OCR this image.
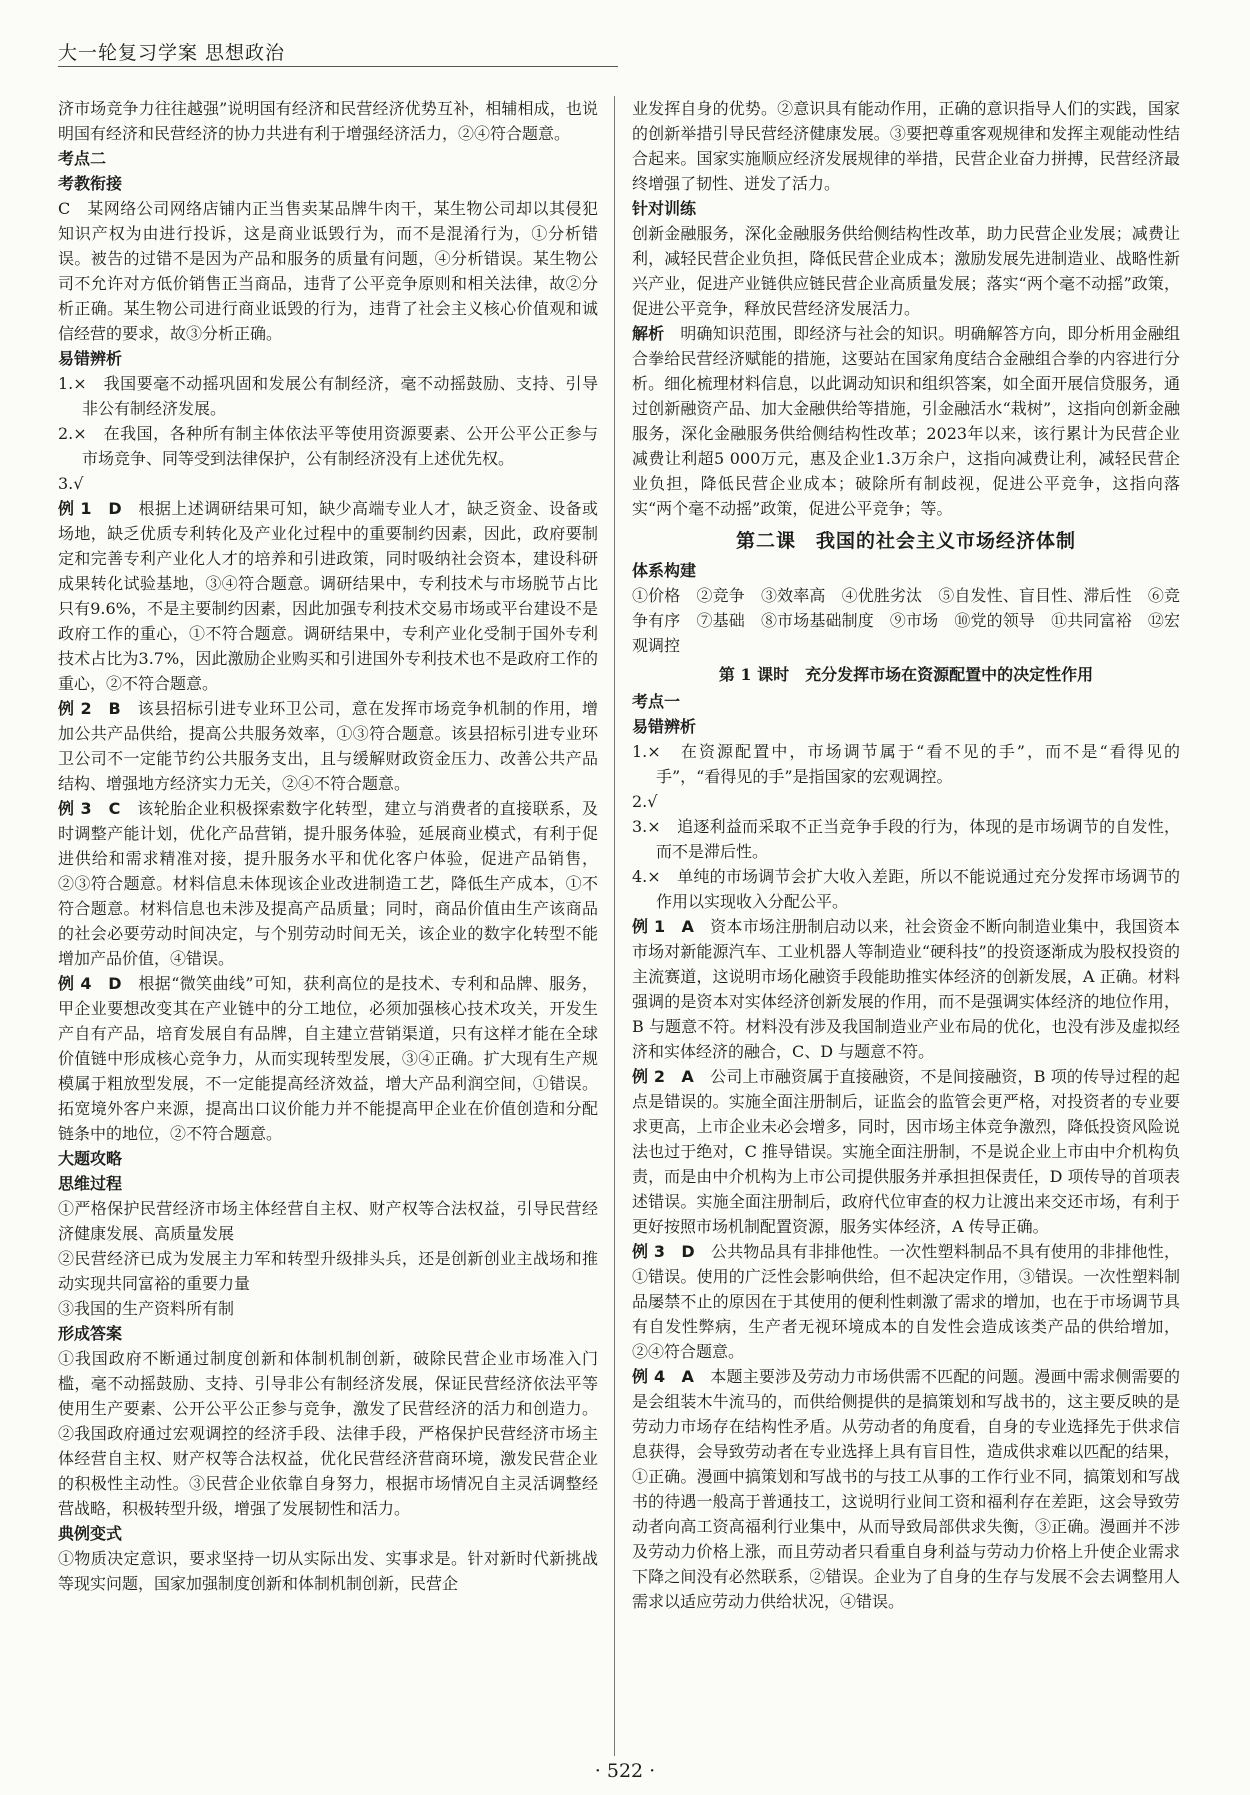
大一轮复习学案 思想政治

济市场竞争力往往越强”说明国有经济和民营经济优势互补，相辅相成，也说明国有经济和民营经济的协力共进有利于增强经济活力，②④符合题意。

考点二

考教衔接

C　某网络公司网络店铺内正当售卖某品牌牛肉干，某生物公司却以其侵犯知识产权为由进行投诉，这是商业诋毁行为，而不是混淆行为，①分析错误。被告的过错不是因为产品和服务的质量有问题，④分析错误。某生物公司不允许对方低价销售正当商品，违背了公平竞争原则和相关法律，故②分析正确。某生物公司进行商业诋毁的行为，违背了社会主义核心价值观和诚信经营的要求，故③分析正确。

易错辨析

1.×　我国要毫不动摇巩固和发展公有制经济，毫不动摇鼓励、支持、引导非公有制经济发展。

2.×　在我国，各种所有制主体依法平等使用资源要素、公开公平公正参与市场竞争、同等受到法律保护，公有制经济没有上述优先权。

3.√

例 1　D　根据上述调研结果可知，缺少高端专业人才，缺乏资金、设备或场地，缺乏优质专利转化及产业化过程中的重要制约因素，因此，政府要制定和完善专利产业化人才的培养和引进政策，同时吸纳社会资本，建设科研成果转化试验基地，③④符合题意。调研结果中，专利技术与市场脱节占比只有9.6%，不是主要制约因素，因此加强专利技术交易市场或平台建设不是政府工作的重心，①不符合题意。调研结果中，专利产业化受制于国外专利技术占比为3.7%，因此激励企业购买和引进国外专利技术也不是政府工作的重心，②不符合题意。

例 2　B　该县招标引进专业环卫公司，意在发挥市场竞争机制的作用，增加公共产品供给，提高公共服务效率，①③符合题意。该县招标引进专业环卫公司不一定能节约公共服务支出，且与缓解财政资金压力、改善公共产品结构、增强地方经济实力无关，②④不符合题意。

例 3　C　该轮胎企业积极探索数字化转型，建立与消费者的直接联系，及时调整产能计划，优化产品营销，提升服务体验，延展商业模式，有利于促进供给和需求精准对接，提升服务水平和优化客户体验，促进产品销售，②③符合题意。材料信息未体现该企业改进制造工艺，降低生产成本，①不符合题意。材料信息也未涉及提高产品质量；同时，商品价值由生产该商品的社会必要劳动时间决定，与个别劳动时间无关，该企业的数字化转型不能增加产品价值，④错误。

例 4　D　根据“微笑曲线”可知，获利高位的是技术、专利和品牌、服务，甲企业要想改变其在产业链中的分工地位，必须加强核心技术攻关，开发生产自有产品，培育发展自有品牌，自主建立营销渠道，只有这样才能在全球价值链中形成核心竞争力，从而实现转型发展，③④正确。扩大现有生产规模属于粗放型发展，不一定能提高经济效益，增大产品利润空间，①错误。拓宽境外客户来源，提高出口议价能力并不能提高甲企业在价值创造和分配链条中的地位，②不符合题意。

大题攻略

思维过程

①严格保护民营经济市场主体经营自主权、财产权等合法权益，引导民营经济健康发展、高质量发展

②民营经济已成为发展主力军和转型升级排头兵，还是创新创业主战场和推动实现共同富裕的重要力量

③我国的生产资料所有制

形成答案

①我国政府不断通过制度创新和体制机制创新，破除民营企业市场准入门槛，毫不动摇鼓励、支持、引导非公有制经济发展，保证民营经济依法平等使用生产要素、公开公平公正参与竞争，激发了民营经济的活力和创造力。②我国政府通过宏观调控的经济手段、法律手段，严格保护民营经济市场主体经营自主权、财产权等合法权益，优化民营经济营商环境，激发民营企业的积极性主动性。③民营企业依靠自身努力，根据市场情况自主灵活调整经营战略，积极转型升级，增强了发展韧性和活力。

典例变式

①物质决定意识，要求坚持一切从实际出发、实事求是。针对新时代新挑战等现实问题，国家加强制度创新和体制机制创新，民营企

业发挥自身的优势。②意识具有能动作用，正确的意识指导人们的实践，国家的创新举措引导民营经济健康发展。③要把尊重客观规律和发挥主观能动性结合起来。国家实施顺应经济发展规律的举措，民营企业奋力拼搏，民营经济最终增强了韧性、迸发了活力。

针对训练

创新金融服务，深化金融服务供给侧结构性改革，助力民营企业发展；减费让利，减轻民营企业负担，降低民营企业成本；激励发展先进制造业、战略性新兴产业，促进产业链供应链民营企业高质量发展；落实“两个毫不动摇”政策，促进公平竞争，释放民营经济发展活力。

解析　明确知识范围，即经济与社会的知识。明确解答方向，即分析用金融组合拳给民营经济赋能的措施，这要站在国家角度结合金融组合拳的内容进行分析。细化梳理材料信息，以此调动知识和组织答案，如全面开展信贷服务，通过创新融资产品、加大金融供给等措施，引金融活水“栽树”，这指向创新金融服务，深化金融服务供给侧结构性改革；2023年以来，该行累计为民营企业减费让利超5 000万元，惠及企业1.3万余户，这指向减费让利，减轻民营企业负担，降低民营企业成本；破除所有制歧视，促进公平竞争，这指向落实“两个毫不动摇”政策，促进公平竞争；等。

第二课　我国的社会主义市场经济体制

体系构建

①价格　②竞争　③效率高　④优胜劣汰　⑤自发性、盲目性、滞后性　⑥竞争有序　⑦基础　⑧市场基础制度　⑨市场　⑩党的领导　⑪共同富裕　⑫宏观调控

第 1 课时　充分发挥市场在资源配置中的决定性作用

考点一

易错辨析

1.×　在资源配置中，市场调节属于“看不见的手”，而不是“看得见的手”，“看得见的手”是指国家的宏观调控。

2.√

3.×　追逐利益而采取不正当竞争手段的行为，体现的是市场调节的自发性，而不是滞后性。

4.×　单纯的市场调节会扩大收入差距，所以不能说通过充分发挥市场调节的作用以实现收入分配公平。

例 1　A　资本市场注册制启动以来，社会资金不断向制造业集中，我国资本市场对新能源汽车、工业机器人等制造业“硬科技”的投资逐渐成为股权投资的主流赛道，这说明市场化融资手段能助推实体经济的创新发展，A 正确。材料强调的是资本对实体经济创新发展的作用，而不是强调实体经济的地位作用，B 与题意不符。材料没有涉及我国制造业产业布局的优化，也没有涉及虚拟经济和实体经济的融合，C、D 与题意不符。

例 2　A　公司上市融资属于直接融资，不是间接融资，B 项的传导过程的起点是错误的。实施全面注册制后，证监会的监管会更严格，对投资者的专业要求更高，上市企业未必会增多，同时，因市场主体竞争激烈，降低投资风险说法也过于绝对，C 推导错误。实施全面注册制，不是说企业上市由中介机构负责，而是由中介机构为上市公司提供服务并承担担保责任，D 项传导的首项表述错误。实施全面注册制后，政府代位审查的权力让渡出来交还市场，有利于更好按照市场机制配置资源，服务实体经济，A 传导正确。

例 3　D　公共物品具有非排他性。一次性塑料制品不具有使用的非排他性，①错误。使用的广泛性会影响供给，但不起决定作用，③错误。一次性塑料制品屡禁不止的原因在于其使用的便利性刺激了需求的增加，也在于市场调节具有自发性弊病，生产者无视环境成本的自发性会造成该类产品的供给增加，②④符合题意。

例 4　A　本题主要涉及劳动力市场供需不匹配的问题。漫画中需求侧需要的是会组装木牛流马的，而供给侧提供的是搞策划和写战书的，这主要反映的是劳动力市场存在结构性矛盾。从劳动者的角度看，自身的专业选择先于供求信息获得，会导致劳动者在专业选择上具有盲目性，造成供求难以匹配的结果，①正确。漫画中搞策划和写战书的与技工从事的工作行业不同，搞策划和写战书的待遇一般高于普通技工，这说明行业间工资和福利存在差距，这会导致劳动者向高工资高福利行业集中，从而导致局部供求失衡，③正确。漫画并不涉及劳动力价格上涨，而且劳动者只看重自身利益与劳动力价格上升使企业需求下降之间没有必然联系，②错误。企业为了自身的生存与发展不会去调整用人需求以适应劳动力供给状况，④错误。

· 522 ·
